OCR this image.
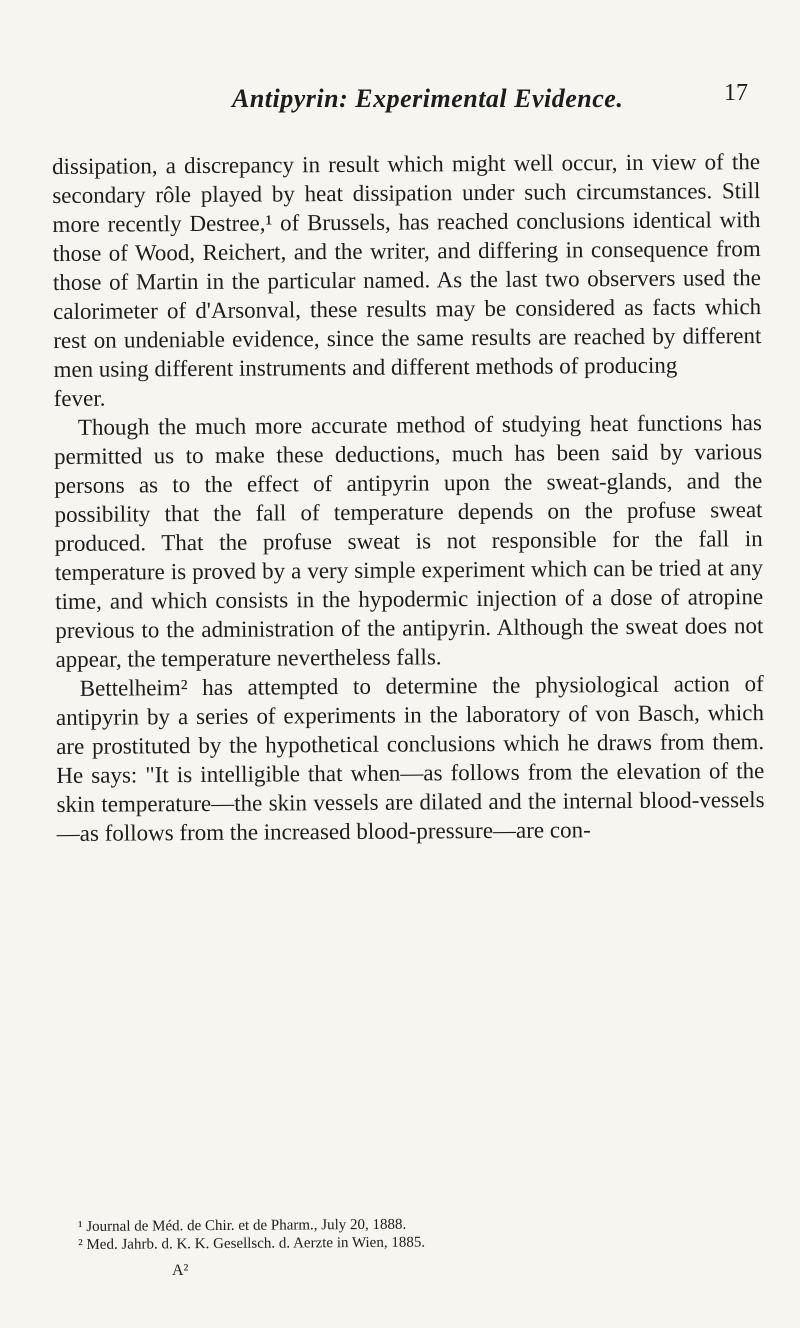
Antipyrin: Experimental Evidence.	17

dissipation, a discrepancy in result which might well occur, in view of the secondary rôle played by heat dissipation under such circumstances. Still more recently Destree,¹ of Brussels, has reached conclusions identical with those of Wood, Reichert, and the writer, and differing in consequence from those of Martin in the particular named. As the last two observers used the calorimeter of d'Arsonval, these results may be considered as facts which rest on undeniable evidence, since the same results are reached by different men using different instruments and different methods of producing

fever.

Though the much more accurate method of studying heat functions has permitted us to make these deductions, much has been said by various persons as to the effect of antipyrin upon the sweat-glands, and the possibility that the fall of temperature depends on the profuse sweat produced. That the profuse sweat is not responsible for the fall in temperature is proved by a very simple experiment which can be tried at any time, and which consists in the hypodermic injection of a dose of atropine previous to the administration of the antipyrin. Although the sweat does not appear, the temperature nevertheless falls.

Bettelheim² has attempted to determine the physiological action of antipyrin by a series of experiments in the laboratory of von Basch, which are prostituted by the hypothetical conclusions which he draws from them. He says: "It is intelligible that when—as follows from the elevation of the skin temperature—the skin vessels are dilated and the internal blood-vessels—as follows from the increased blood-pressure—are con-

¹ Journal de Méd. de Chir. et de Pharm., July 20, 1888.

² Med. Jahrb. d. K. K. Gesellsch. d. Aerzte in Wien, 1885.

A²
